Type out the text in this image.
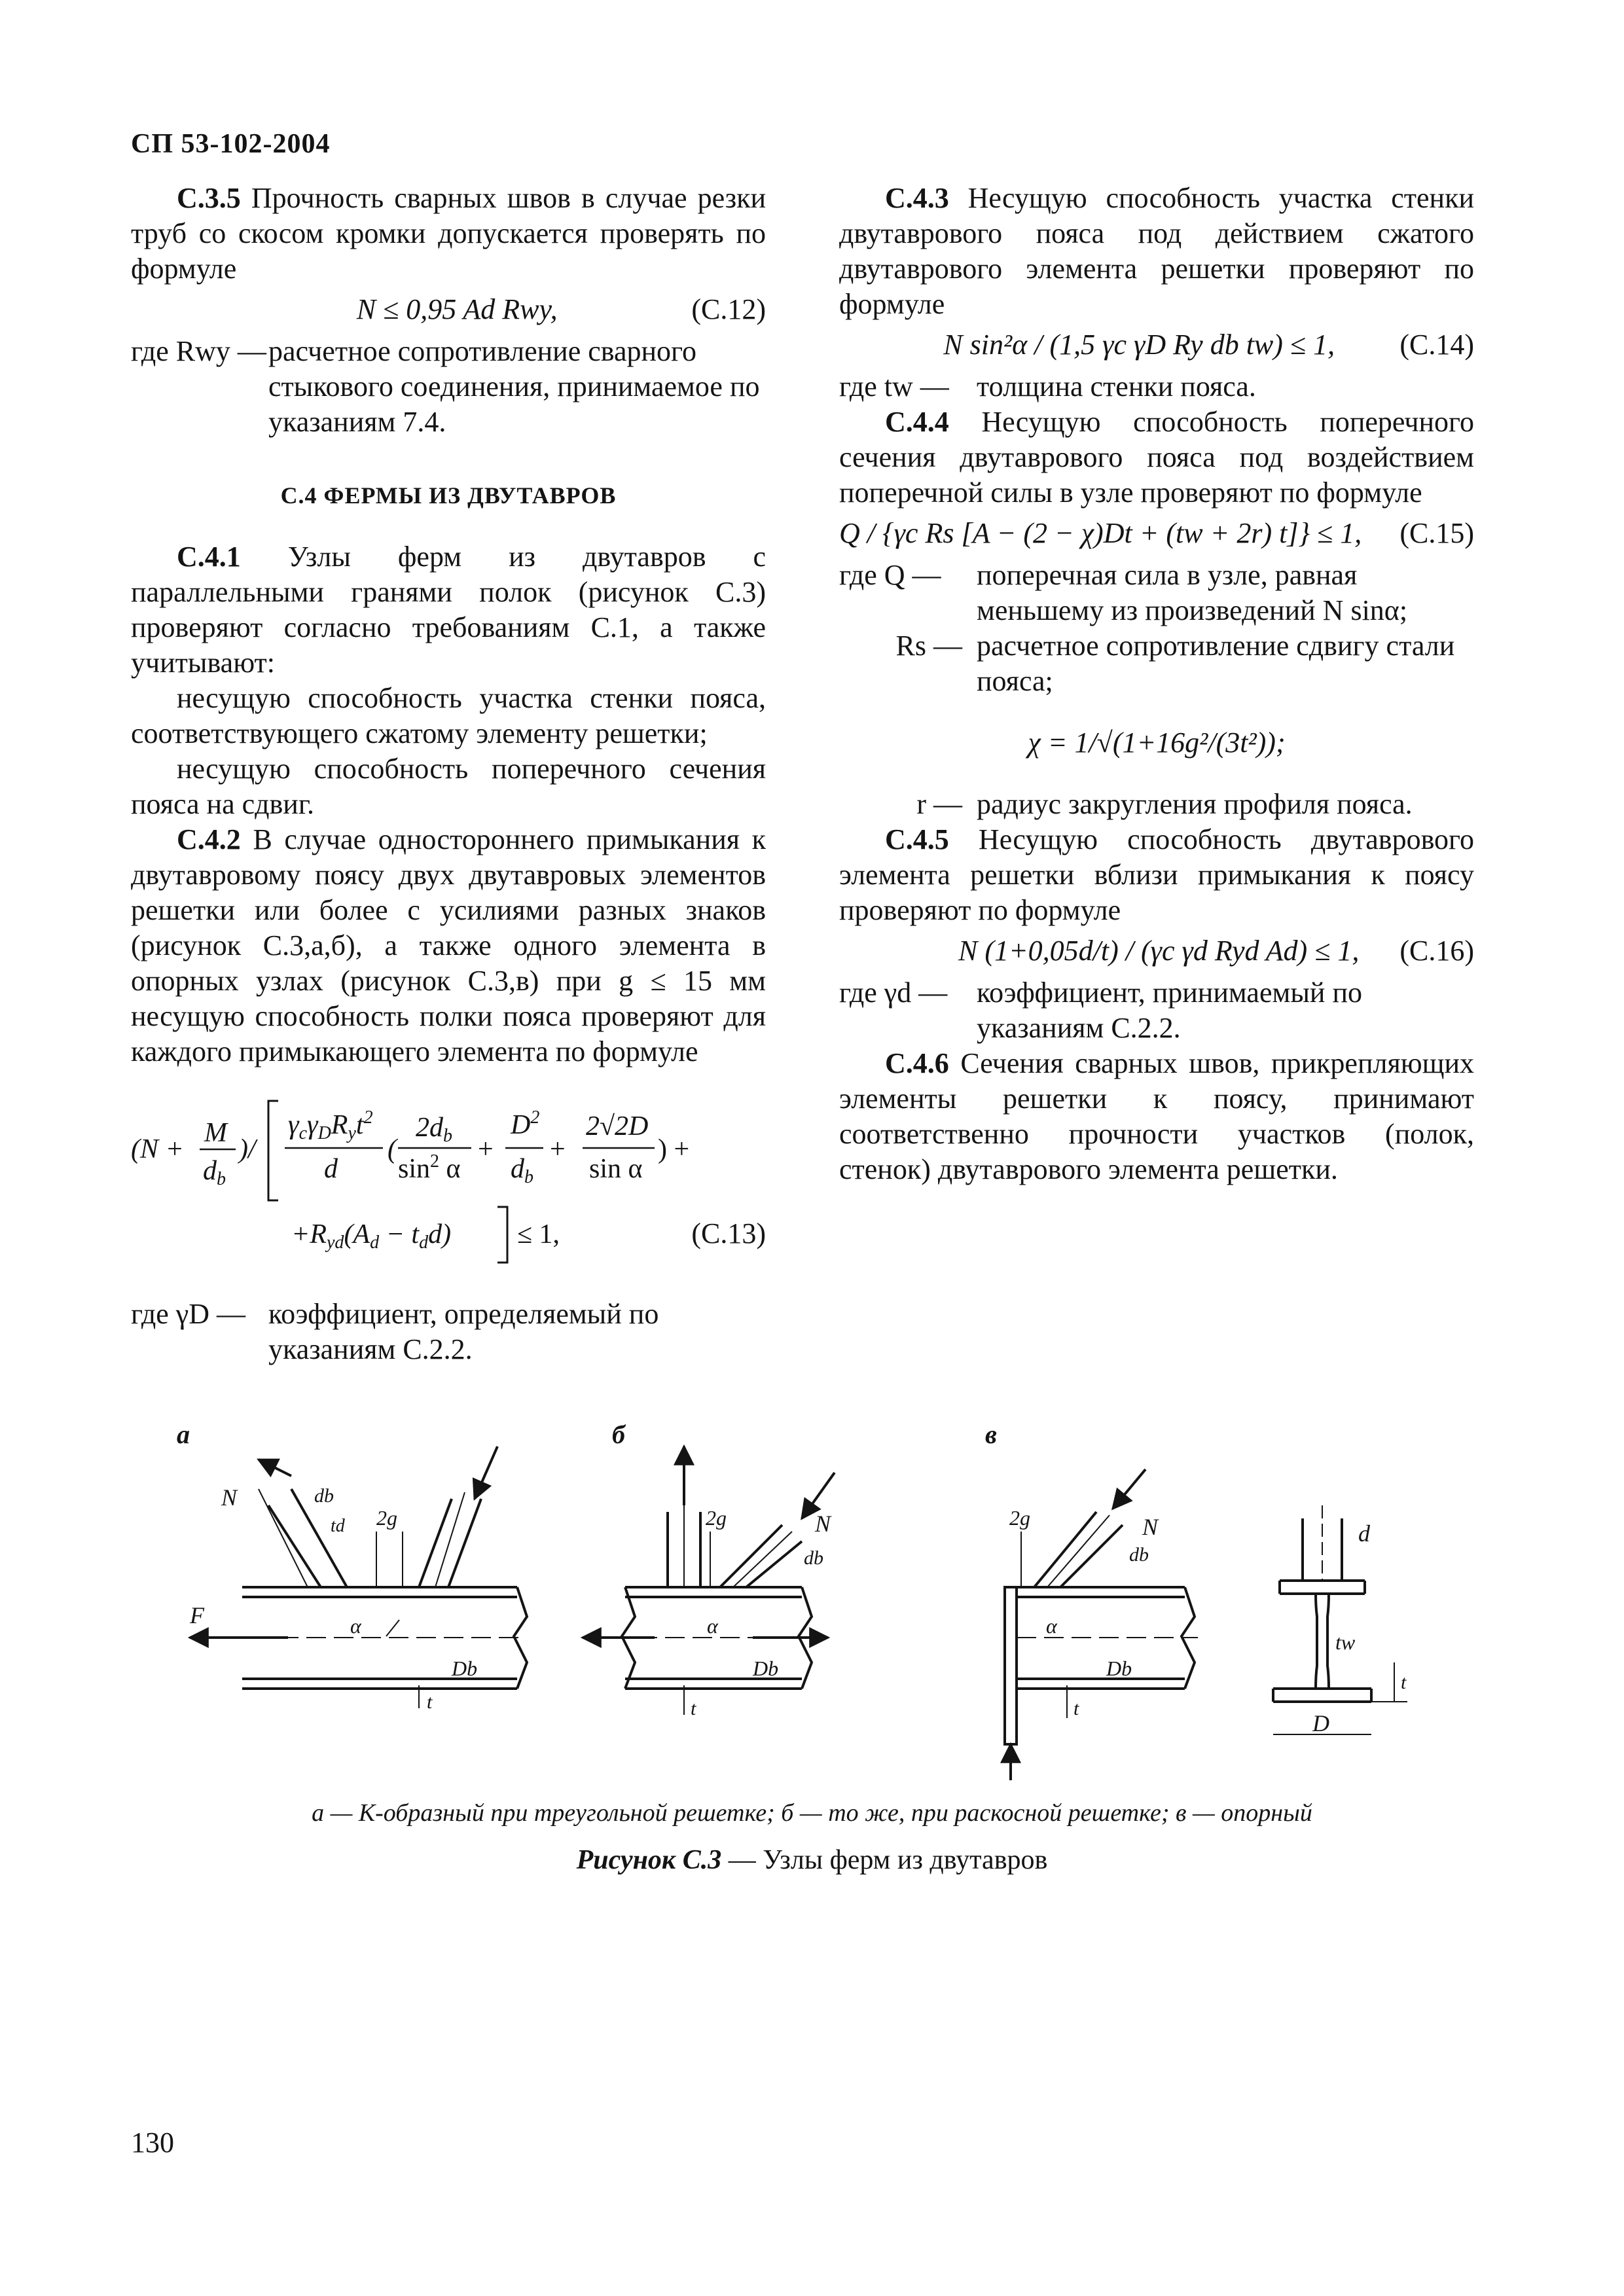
СП 53-102-2004

С.3.5 Прочность сварных швов в случае резки труб со скосом кромки допускается проверять по формуле

N ≤ 0,95 Ad Rwy,	(С.12)
где Rwy — расчетное сопротивление сварного стыкового соединения, принимаемое по указаниям 7.4.
С.4 ФЕРМЫ ИЗ ДВУТАВРОВ

С.4.1 Узлы ферм из двутавров с параллельными гранями полок (рисунок С.3) проверяют согласно требованиям С.1, а также учитывают:

несущую способность участка стенки пояса, соответствующего сжатому элементу решетки;

несущую способность поперечного сечения пояса на сдвиг.

С.4.2 В случае одностороннего примыкания к двутавровому поясу двух двутавровых элементов решетки или более с усилиями разных знаков (рисунок С.3,а,б), а также одного элемента в опорных узлах (рисунок С.3,в) при g ≤ 15 мм несущую способность полки пояса проверяют для каждого примыкающего элемента по формуле

(N +
M
db
)/
γcγDRyt$^2$
d
(
2db
$\sin^2 \alpha$
+
$D^2$
db
+
2√2D
sin α
) +
+Ryd(Ad − tdd) ≤ 1,	(С.13)
где γD — коэффициент, определяемый по указаниям С.2.2.

С.4.3 Несущую способность участка стенки двутаврового пояса под действием сжатого двутаврового элемента решетки проверяют по формуле

N sin²α / (1,5 γc γD Ry db tw) ≤ 1,	(С.14)
где tw — толщина стенки пояса.

С.4.4 Несущую способность поперечного сечения двутаврового пояса под воздействием поперечной силы в узле проверяют по формуле

Q / {γc Rs [A − (2 − χ)Dt + (tw + 2r) t]} ≤ 1,	(С.15)
где Q —	поперечная сила в узле, равная меньшему из произведений N sinα;
Rs — расчетное сопротивление сдвигу стали пояса;
χ = 1/√(1+16g²/(3t²));
r — радиус закругления профиля пояса.

С.4.5 Несущую способность двутаврового элемента решетки вблизи примыкания к поясу проверяют по формуле

N (1+0,05d/t) / (γc γd Ryd Ad) ≤ 1,	(С.16)
где γd —	коэффициент, принимаемый по указаниям С.2.2.

С.4.6 Сечения сварных швов, прикрепляющих элементы решетки к поясу, принимают соответственно прочности участков (полок, стенок) двутаврового элемента решетки.

а	б	в
N	db
td 2g
F	α
Db
t
2g	N
db
α
Db
t
2g	N
db
α
Db
t
d
tw
t
D
а — К-образный при треугольной решетке; б — то же, при раскосной решетке; в — опорный
Рисунок С.3 — Узлы ферм из двутавров
130
